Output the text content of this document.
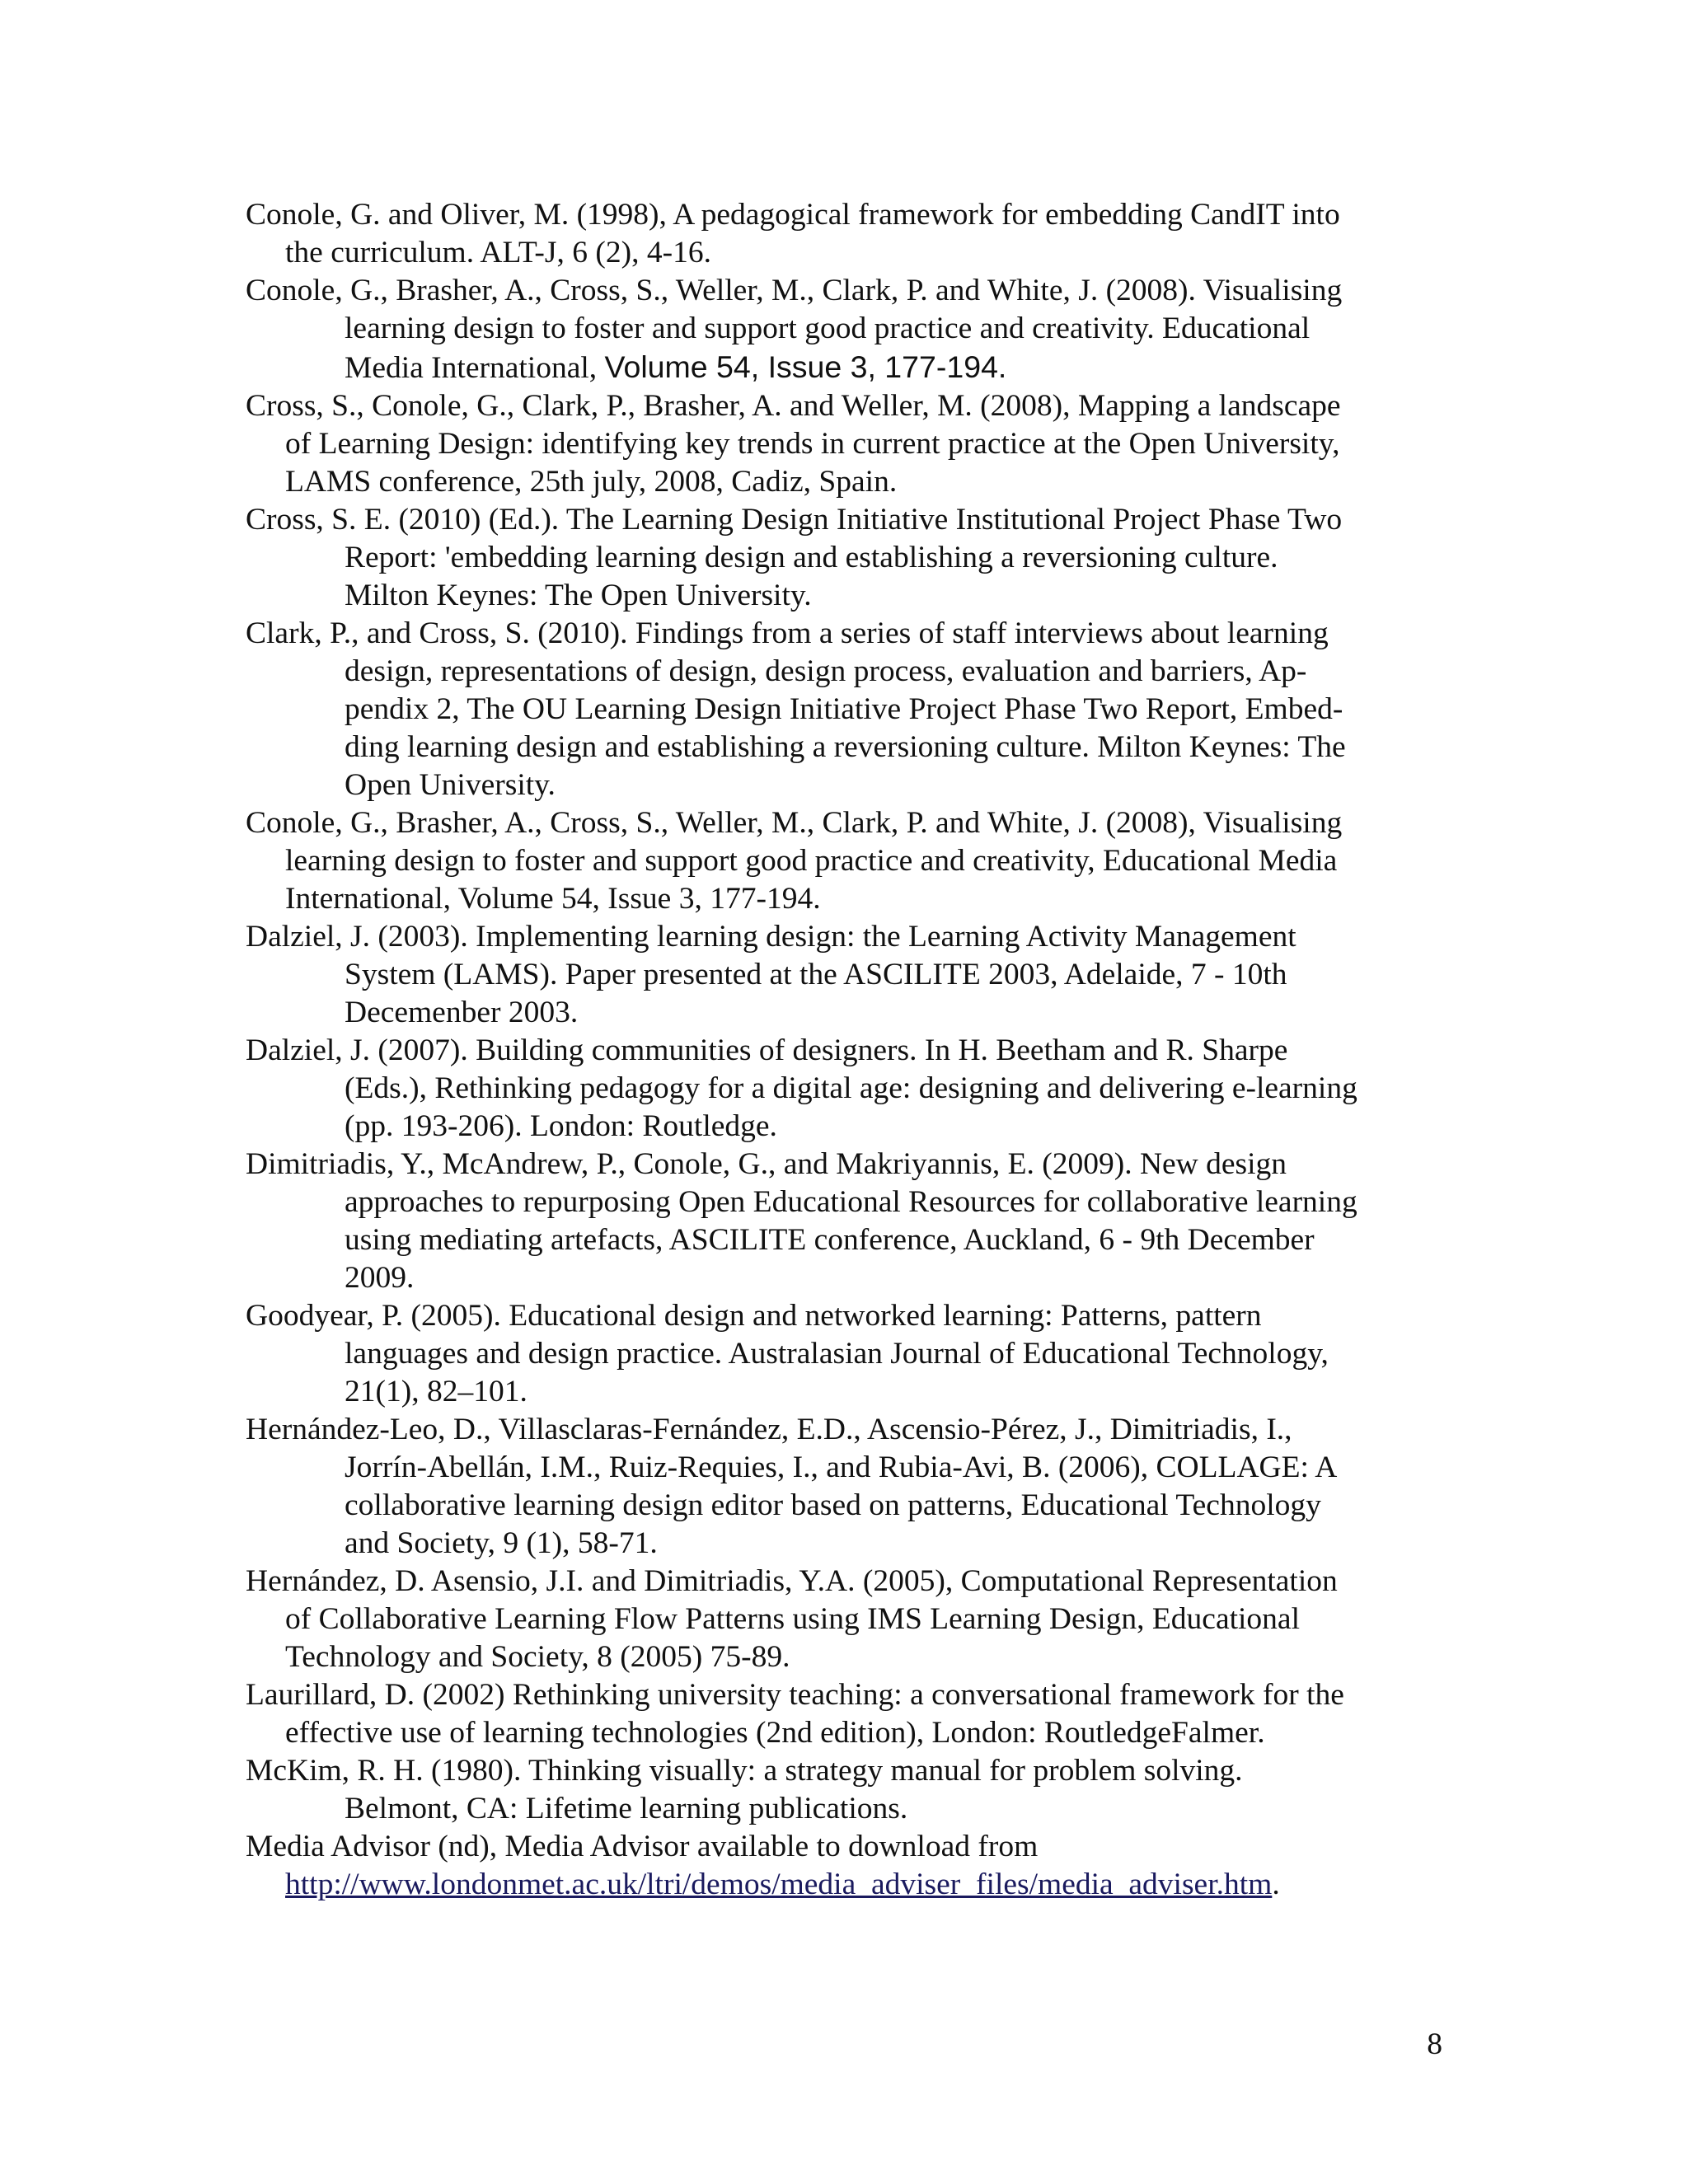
Conole, G. and Oliver, M. (1998), A pedagogical framework for embedding CandIT into
the curriculum. ALT-J, 6 (2), 4-16.
Conole, G., Brasher, A., Cross, S., Weller, M., Clark, P. and White, J. (2008). Visualising
learning design to foster and support good practice and creativity. Educational
Media International, Volume 54, Issue 3, 177-194.
Cross, S., Conole, G., Clark, P., Brasher, A. and Weller, M. (2008), Mapping a landscape
of Learning Design: identifying key trends in current practice at the Open University,
LAMS conference, 25th july, 2008, Cadiz, Spain.
Cross, S. E. (2010) (Ed.). The Learning Design Initiative Institutional Project Phase Two
Report: 'embedding learning design and establishing a reversioning culture.
Milton Keynes: The Open University.
Clark, P., and Cross, S. (2010). Findings from a series of staff interviews about learning
design, representations of design, design process, evaluation and barriers, Ap-
pendix 2, The OU Learning Design Initiative Project Phase Two Report, Embed-
ding learning design and establishing a reversioning culture. Milton Keynes: The
Open University.
Conole, G., Brasher, A., Cross, S., Weller, M., Clark, P. and White, J. (2008), Visualising
learning design to foster and support good practice and creativity, Educational Media
International, Volume 54, Issue 3, 177-194.
Dalziel, J. (2003). Implementing learning design: the Learning Activity Management
System (LAMS). Paper presented at the ASCILITE 2003, Adelaide, 7 - 10th
Decemenber 2003.
Dalziel, J. (2007). Building communities of designers. In H. Beetham and R. Sharpe
(Eds.), Rethinking pedagogy for a digital age: designing and delivering e-learning
(pp. 193-206). London: Routledge.
Dimitriadis, Y., McAndrew, P., Conole, G., and Makriyannis, E. (2009). New design
approaches to repurposing Open Educational Resources for collaborative learning
using mediating artefacts, ASCILITE conference, Auckland, 6 - 9th December
2009.
Goodyear, P. (2005). Educational design and networked learning: Patterns, pattern
languages and design practice. Australasian Journal of Educational Technology,
21(1), 82–101.
Hernández-Leo, D., Villasclaras-Fernández, E.D., Ascensio-Pérez, J., Dimitriadis, I.,
Jorrín-Abellán, I.M., Ruiz-Requies, I., and Rubia-Avi, B. (2006), COLLAGE: A
collaborative learning design editor based on patterns, Educational Technology
and Society, 9 (1), 58-71.
Hernández, D. Asensio, J.I. and Dimitriadis, Y.A. (2005), Computational Representation
of Collaborative Learning Flow Patterns using IMS Learning Design, Educational
Technology and Society, 8 (2005) 75-89.
Laurillard, D. (2002) Rethinking university teaching: a conversational framework for the
effective use of learning technologies (2nd edition), London: RoutledgeFalmer.
McKim, R. H. (1980). Thinking visually: a strategy manual for problem solving.
Belmont, CA: Lifetime learning publications.
Media Advisor (nd), Media Advisor available to download from
http://www.londonmet.ac.uk/ltri/demos/media_adviser_files/media_adviser.htm.
8
